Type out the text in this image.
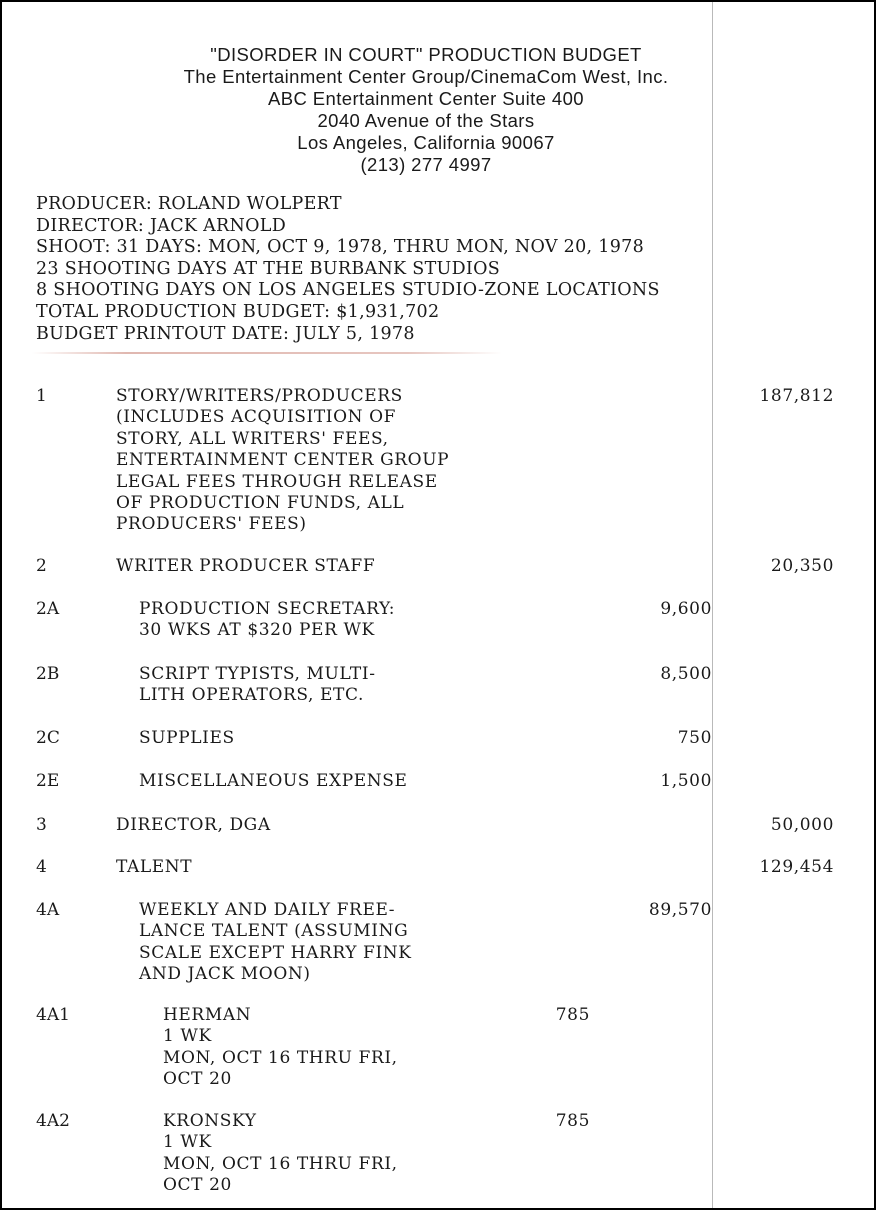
"DISORDER IN COURT" PRODUCTION BUDGET
The Entertainment Center Group/CinemaCom West, Inc.
ABC Entertainment Center Suite 400
2040 Avenue of the Stars
Los Angeles, California 90067
(213) 277 4997
PRODUCER: ROLAND WOLPERT
DIRECTOR: JACK ARNOLD
SHOOT: 31 DAYS: MON, OCT 9, 1978, THRU MON, NOV 20, 1978
23 SHOOTING DAYS AT THE BURBANK STUDIOS
8 SHOOTING DAYS ON LOS ANGELES STUDIO-ZONE LOCATIONS
TOTAL PRODUCTION BUDGET: $1,931,702
BUDGET PRINTOUT DATE: JULY 5, 1978
1	STORY/WRITERS/PRODUCERS
(INCLUDES ACQUISITION OF
STORY, ALL WRITERS' FEES,
ENTERTAINMENT CENTER GROUP
LEGAL FEES THROUGH RELEASE
OF PRODUCTION FUNDS, ALL
PRODUCERS' FEES)
187,812
2	WRITER PRODUCER STAFF	20,350
2A	PRODUCTION SECRETARY:
30 WKS AT $320 PER WK
9,600
2B	SCRIPT TYPISTS, MULTI-
LITH OPERATORS, ETC.
8,500
2C	SUPPLIES	750
2E	MISCELLANEOUS EXPENSE	1,500
3	DIRECTOR, DGA	50,000
4	TALENT	129,454
4A	WEEKLY AND DAILY FREE-
LANCE TALENT (ASSUMING
SCALE EXCEPT HARRY FINK
AND JACK MOON)
89,570
4A1	HERMAN
1 WK
MON, OCT 16 THRU FRI,
OCT 20
785
4A2	KRONSKY
1 WK
MON, OCT 16 THRU FRI,
OCT 20
785
